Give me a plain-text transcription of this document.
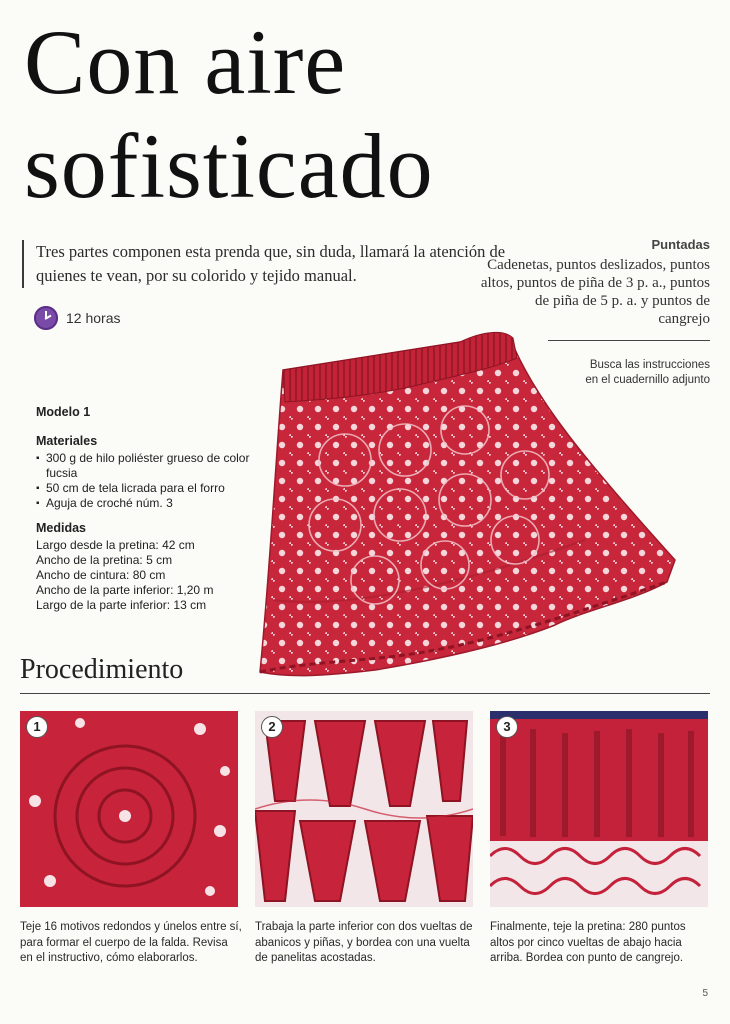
Con aire
sofisticado
Tres partes componen esta prenda que, sin duda, llamará la atención de quienes te vean, por su colorido y tejido manual.
12 horas
Puntadas
Cadenetas, puntos deslizados, puntos altos, puntos de piña de 3 p. a., puntos de piña de 5 p. a. y puntos de cangrejo
Busca las instrucciones
en el cuadernillo adjunto
Modelo 1
Materiales
▪ 300 g de hilo poliéster grueso de color fucsia
▪ 50 cm de tela licrada para el forro
▪ Aguja de croché núm. 3
Medidas
Largo desde la pretina: 42 cm
Ancho de la pretina: 5 cm
Ancho de cintura: 80 cm
Ancho de la parte inferior: 1,20 m
Largo de la parte inferior: 13 cm
Procedimiento
1	2	3
Teje 16 motivos redondos y únelos entre sí, para formar el cuerpo de la falda. Revisa en el instructivo, cómo elaborarlos.
Trabaja la parte inferior con dos vueltas de abanicos y piñas, y bordea con una vuelta de panelitas acostadas.
Finalmente, teje la pretina: 280 puntos altos por cinco vueltas de abajo hacia arriba. Bordea con punto de cangrejo.
5
